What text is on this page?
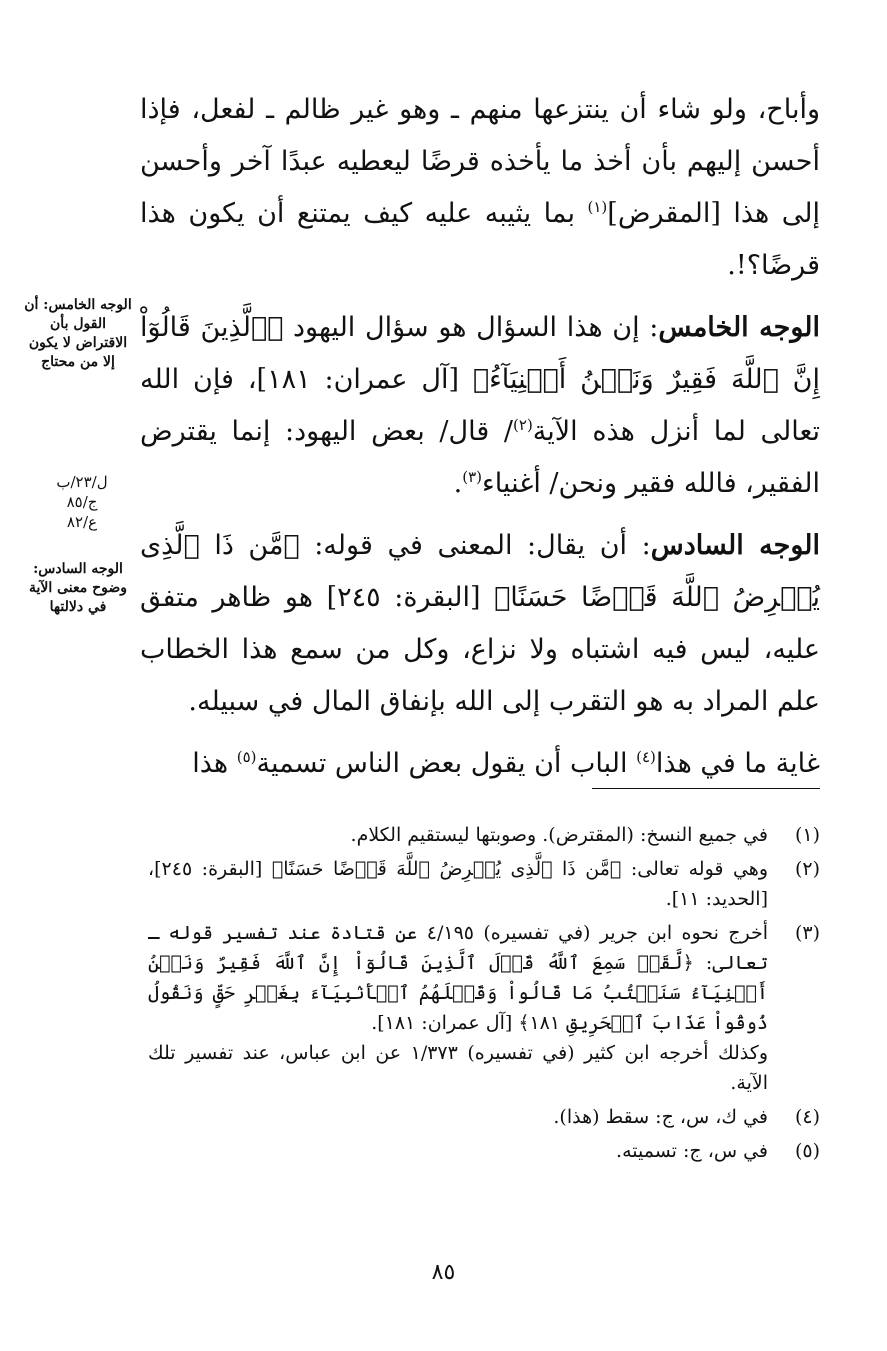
وأباح، ولو شاء أن ينتزعها منهم ـ وهو غير ظالم ـ لفعل، فإذا أحسن إليهم بأن أخذ ما يأخذه قرضًا ليعطيه عبدًا آخر وأحسن إلى هذا [المقرض]$^{(١)}$ بما يثيبه عليه كيف يمتنع أن يكون هذا قرضًا؟!.

الوجه الخامس: إن هذا السؤال هو سؤال اليهود ﴿ٱلَّذِينَ قَالُوٓاْ إِنَّ ٱللَّهَ فَقِيرٌ وَنَحۡنُ أَغۡنِيَآءُ﴾ [آل عمران: ١٨١]، فإن الله تعالى لما أنزل هذه الآية$^{(٢)}$/ قال/ بعض اليهود: إنما يقترض الفقير، فالله فقير ونحن/ أغنياء$^{(٣)}$.

الوجه السادس: أن يقال: المعنى في قوله: ﴿مَّن ذَا ٱلَّذِى يُقۡرِضُ ٱللَّهَ قَرۡضًا حَسَنًا﴾ [البقرة: ٢٤٥] هو ظاهر متفق عليه، ليس فيه اشتباه ولا نزاع، وكل من سمع هذا الخطاب علم المراد به هو التقرب إلى الله بإنفاق المال في سبيله.

غاية ما في هذا$^{(٤)}$ الباب أن يقول بعض الناس تسمية$^{(٥)}$ هذا

الوجه الخامس: أن القول بأن الاقتراض لا يكون إلا من محتاج
ل/٢٣/ب
ج/٨٥
ع/٨٢
الوجه السادس: وضوح معنى الآية في دلالتها
(١)
في جميع النسخ: (المقترض). وصوبتها ليستقيم الكلام.
(٢)
وهي قوله تعالى: ﴿مَّن ذَا ٱلَّذِى يُقۡرِضُ ٱللَّهَ قَرۡضًا حَسَنًا﴾ [البقرة: ٢٤٥]، [الحديد: ١١].
(٣)
أخرج نحوه ابن جرير (في تفسيره) ٤/١٩٥ عن قتادة عند تفسير قوله ـ تعالى: ﴿لَّقَدۡ سَمِعَ ٱللَّهُ قَوۡلَ ٱلَّذِينَ قَالُوٓاْ إِنَّ ٱللَّهَ فَقِيرٌ وَنَحۡنُ أَغۡنِيَآءُ سَنَكۡتُبُ مَا قَالُواْ وَقَتۡلَهُمُ ٱلۡأَنۢبِيَآءَ بِغَيۡرِ حَقٍّ وَنَقُولُ ذُوقُواْ عَذَابَ ٱلۡحَرِيقِ ١٨١﴾ [آل عمران: ١٨١].
وكذلك أخرجه ابن كثير (في تفسيره) ١/٣٧٣ عن ابن عباس، عند تفسير تلك الآية.
(٤)
في ك، س، ج: سقط (هذا).
(٥)
في س، ج: تسميته.
٨٥
